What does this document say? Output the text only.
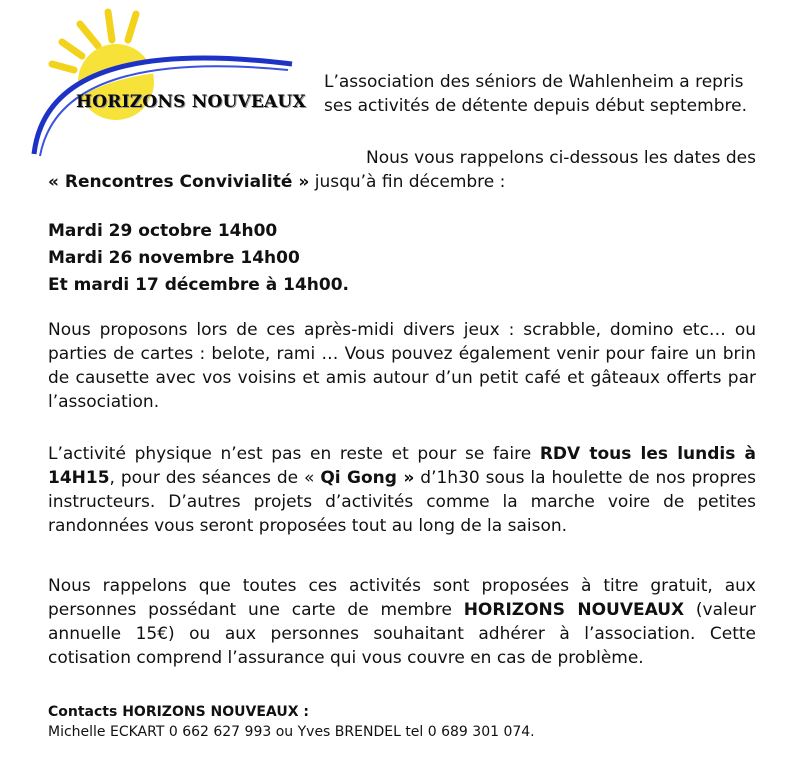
HORIZONS NOUVEAUX
L’association des séniors de Wahlenheim a repris
ses activités de détente depuis début septembre.
Nous vous rappelons ci-dessous les dates des
« Rencontres Convivialité » jusqu’à fin décembre :
Mardi 29 octobre 14h00
Mardi 26 novembre 14h00
Et mardi 17 décembre à 14h00.
Nous proposons lors de ces après-midi divers jeux : scrabble, domino etc… ou parties de cartes : belote, rami … Vous pouvez également venir pour faire un brin de causette avec vos voisins et amis autour d’un petit café et gâteaux offerts par l’association.
L’activité physique n’est pas en reste et pour se faire RDV tous les lundis à 14H15, pour des séances de « Qi Gong » d’1h30 sous la houlette de nos propres instructeurs. D’autres projets d’activités comme la marche voire de petites randonnées vous seront proposées tout au long de la saison.
Nous rappelons que toutes ces activités sont proposées à titre gratuit, aux personnes possédant une carte de membre HORIZONS NOUVEAUX (valeur annuelle 15€) ou aux personnes souhaitant adhérer à l’association. Cette cotisation comprend l’assurance qui vous couvre en cas de problème.
Contacts HORIZONS NOUVEAUX :
Michelle ECKART 0 662 627 993 ou Yves BRENDEL tel 0 689 301 074.
